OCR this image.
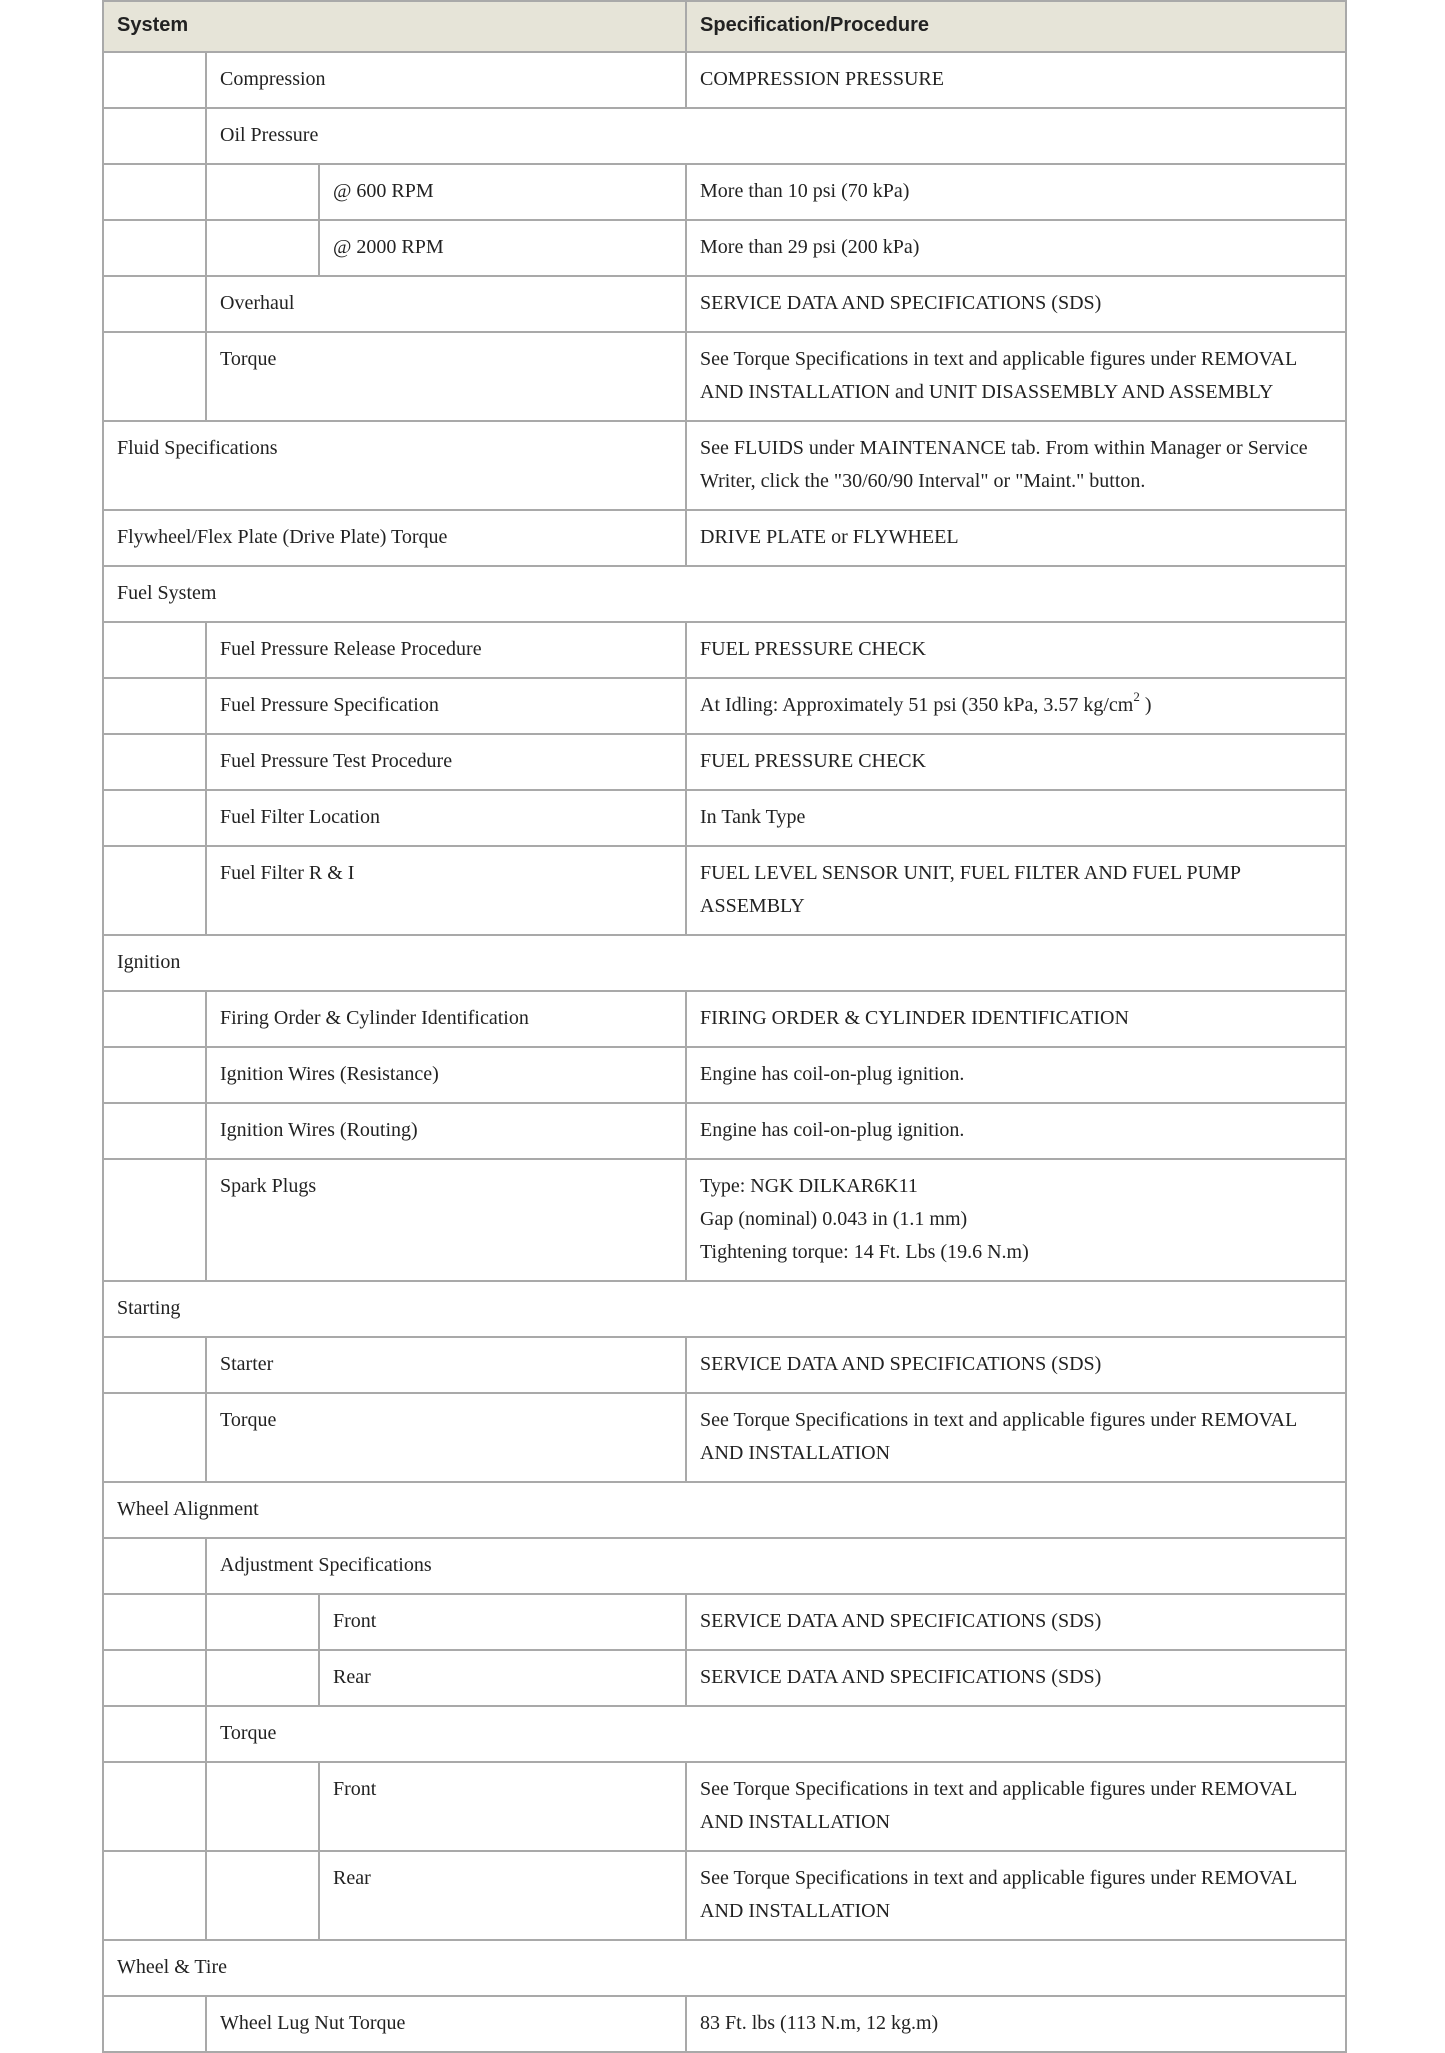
System			Specification/Procedure
	Compression		COMPRESSION PRESSURE

	Oil Pressure		
		@ 600 RPM	More than 10 psi (70 kPa)

		@ 2000 RPM	More than 29 psi (200 kPa)

	Overhaul		SERVICE DATA AND SPECIFICATIONS (SDS)

	Torque		See Torque Specifications in text and applicable figures under REMOVAL AND INSTALLATION and UNIT DISASSEMBLY AND ASSEMBLY

Fluid Specifications			See FLUIDS under MAINTENANCE tab. From within Manager or Service Writer, click the "30/60/90 Interval" or "Maint." button.

Flywheel/Flex Plate (Drive Plate) Torque			DRIVE PLATE or FLYWHEEL

Fuel System			
	Fuel Pressure Release Procedure		FUEL PRESSURE CHECK

	Fuel Pressure Specification		At Idling: Approximately 51 psi (350 kPa, 3.57 $kg/cm^2$ )

	Fuel Pressure Test Procedure		FUEL PRESSURE CHECK

	Fuel Filter Location		In Tank Type

	Fuel Filter R & I		FUEL LEVEL SENSOR UNIT, FUEL FILTER AND FUEL PUMP ASSEMBLY

Ignition			
	Firing Order & Cylinder Identification		FIRING ORDER & CYLINDER IDENTIFICATION

	Ignition Wires (Resistance)		Engine has coil-on-plug ignition.

	Ignition Wires (Routing)		Engine has coil-on-plug ignition.

	Spark Plugs		Type: NGK DILKAR6K11
Gap (nominal) 0.043 in (1.1 mm)
Tightening torque: 14 Ft. Lbs (19.6 N.m)

Starting			
	Starter		SERVICE DATA AND SPECIFICATIONS (SDS)

	Torque		See Torque Specifications in text and applicable figures under REMOVAL AND INSTALLATION

Wheel Alignment			
	Adjustment Specifications		
		Front	SERVICE DATA AND SPECIFICATIONS (SDS)

		Rear	SERVICE DATA AND SPECIFICATIONS (SDS)

	Torque		
		Front	See Torque Specifications in text and applicable figures under REMOVAL AND INSTALLATION

		Rear	See Torque Specifications in text and applicable figures under REMOVAL AND INSTALLATION

Wheel & Tire			
	Wheel Lug Nut Torque		83 Ft. lbs (113 N.m, 12 kg.m)
